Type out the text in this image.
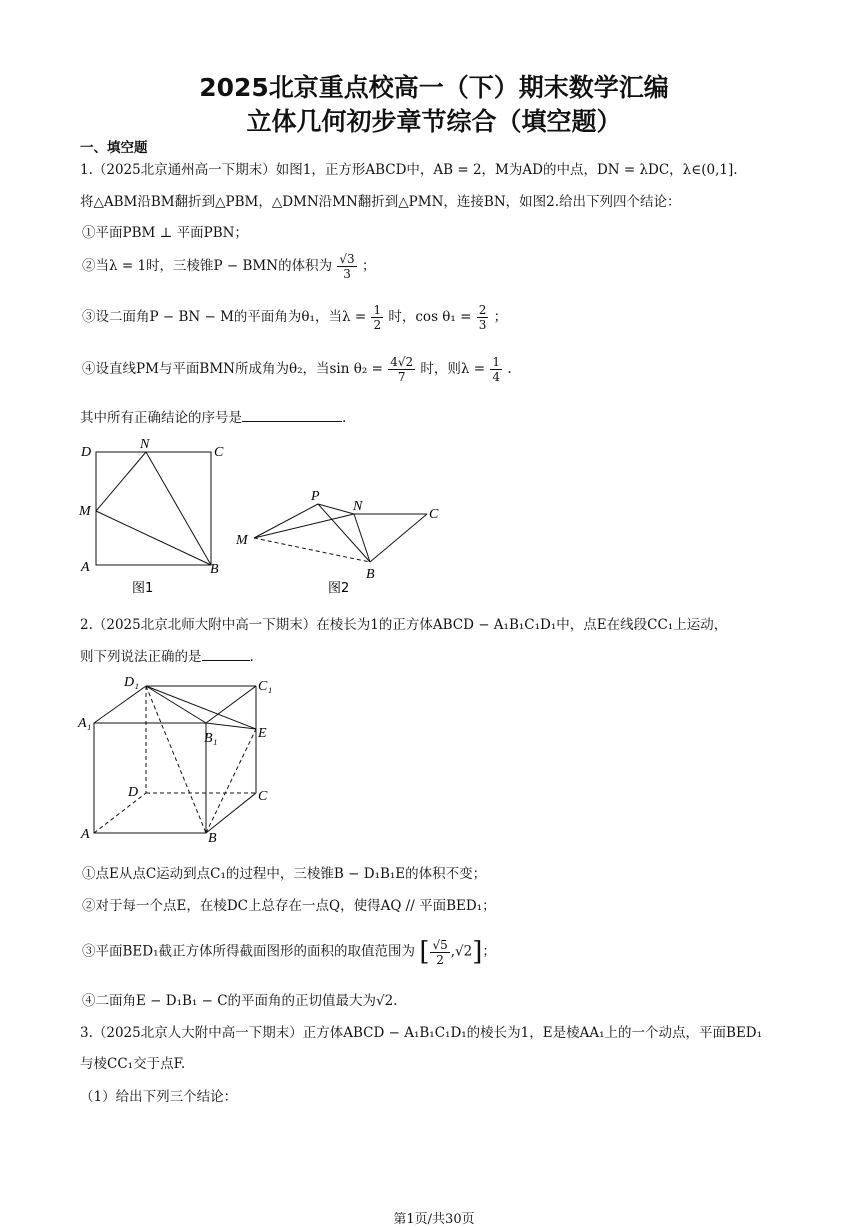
2025北京重点校高一（下）期末数学汇编
立体几何初步章节综合（填空题）
一、填空题
1.（2025北京通州高一下期末）如图1，正方形ABCD中，AB = 2，M为AD的中点，DN = λDC，λ∈(0,1].
将△ABM沿BM翻折到△PBM，△DMN沿MN翻折到△PMN，连接BN，如图2.给出下列四个结论：
①平面PBM ⊥ 平面PBN；
②当λ = 1时，三棱锥P − BMN的体积为 $\frac{√3}{3}$ ；
③设二面角P − BN − M的平面角为θ₁，当$\lambda = \frac{1}{2}$ 时，$\cos \theta_1 = \frac{2}{3}$ ；
④设直线PM与平面BMN所成角为θ₂，当$\sin \theta_2 = \frac{4√2}{7}$ 时，则$\lambda = \frac{1}{4}$ .
其中所有正确结论的序号是	.
D
N
C
M
A	B
图1
P
N
C
M
B
图2
2.（2025北京北师大附中高一下期末）在棱长为1的正方体ABCD − A₁B₁C₁D₁中，点E在线段CC₁上运动，
则下列说法正确的是	.
D₁	C₁
A₁
B₁	E
D	C
A	B
①点E从点C运动到点C₁的过程中，三棱锥B − D₁B₁E的体积不变；
②对于每一个点E，在棱DC上总存在一点Q，使得AQ // 平面BED₁；
③平面BED₁截正方体所得截面图形的面积的取值范围为 [ $\frac{√5}{2} ,√2$]；
④二面角E − D₁B₁ − C的平面角的正切值最大为√2.
3.（2025北京人大附中高一下期末）正方体ABCD − A₁B₁C₁D₁的棱长为1，E是棱AA₁上的一个动点，平面BED₁
与棱CC₁交于点F.
（1）给出下列三个结论：
第1页/共30页
